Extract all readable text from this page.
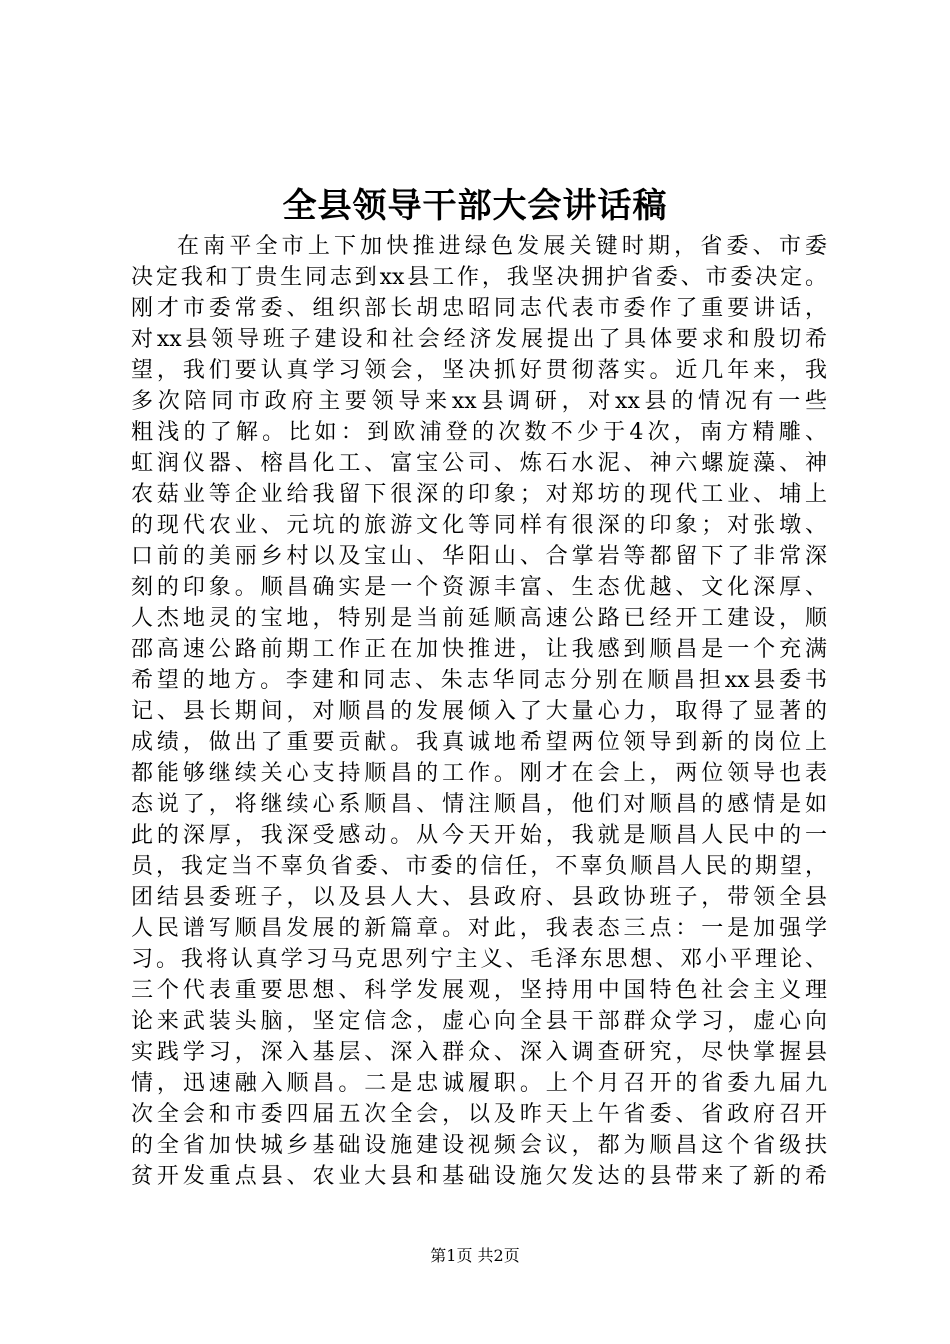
全县领导干部大会讲话稿
在南平全市上下加快推进绿色发展关键时期，省委、市委
决定我和丁贵生同志到xx县工作，我坚决拥护省委、市委决定。
刚才市委常委、组织部长胡忠昭同志代表市委作了重要讲话，
对xx县领导班子建设和社会经济发展提出了具体要求和殷切希
望，我们要认真学习领会，坚决抓好贯彻落实。近几年来，我
多次陪同市政府主要领导来xx县调研，对xx县的情况有一些
粗浅的了解。比如：到欧浦登的次数不少于4次，南方精雕、
虹润仪器、榕昌化工、富宝公司、炼石水泥、神六螺旋藻、神
农菇业等企业给我留下很深的印象；对郑坊的现代工业、埔上
的现代农业、元坑的旅游文化等同样有很深的印象；对张墩、
口前的美丽乡村以及宝山、华阳山、合掌岩等都留下了非常深
刻的印象。顺昌确实是一个资源丰富、生态优越、文化深厚、
人杰地灵的宝地，特别是当前延顺高速公路已经开工建设，顺
邵高速公路前期工作正在加快推进，让我感到顺昌是一个充满
希望的地方。李建和同志、朱志华同志分别在顺昌担xx县委书
记、县长期间，对顺昌的发展倾入了大量心力，取得了显著的
成绩，做出了重要贡献。我真诚地希望两位领导到新的岗位上
都能够继续关心支持顺昌的工作。刚才在会上，两位领导也表
态说了，将继续心系顺昌、情注顺昌，他们对顺昌的感情是如
此的深厚，我深受感动。从今天开始，我就是顺昌人民中的一
员，我定当不辜负省委、市委的信任，不辜负顺昌人民的期望，
团结县委班子，以及县人大、县政府、县政协班子，带领全县
人民谱写顺昌发展的新篇章。对此，我表态三点：一是加强学
习。我将认真学习马克思列宁主义、毛泽东思想、邓小平理论、
三个代表重要思想、科学发展观，坚持用中国特色社会主义理
论来武装头脑，坚定信念，虚心向全县干部群众学习，虚心向
实践学习，深入基层、深入群众、深入调查研究，尽快掌握县
情，迅速融入顺昌。二是忠诚履职。上个月召开的省委九届九
次全会和市委四届五次全会，以及昨天上午省委、省政府召开
的全省加快城乡基础设施建设视频会议，都为顺昌这个省级扶
贫开发重点县、农业大县和基础设施欠发达的县带来了新的希
第1页 共2页
